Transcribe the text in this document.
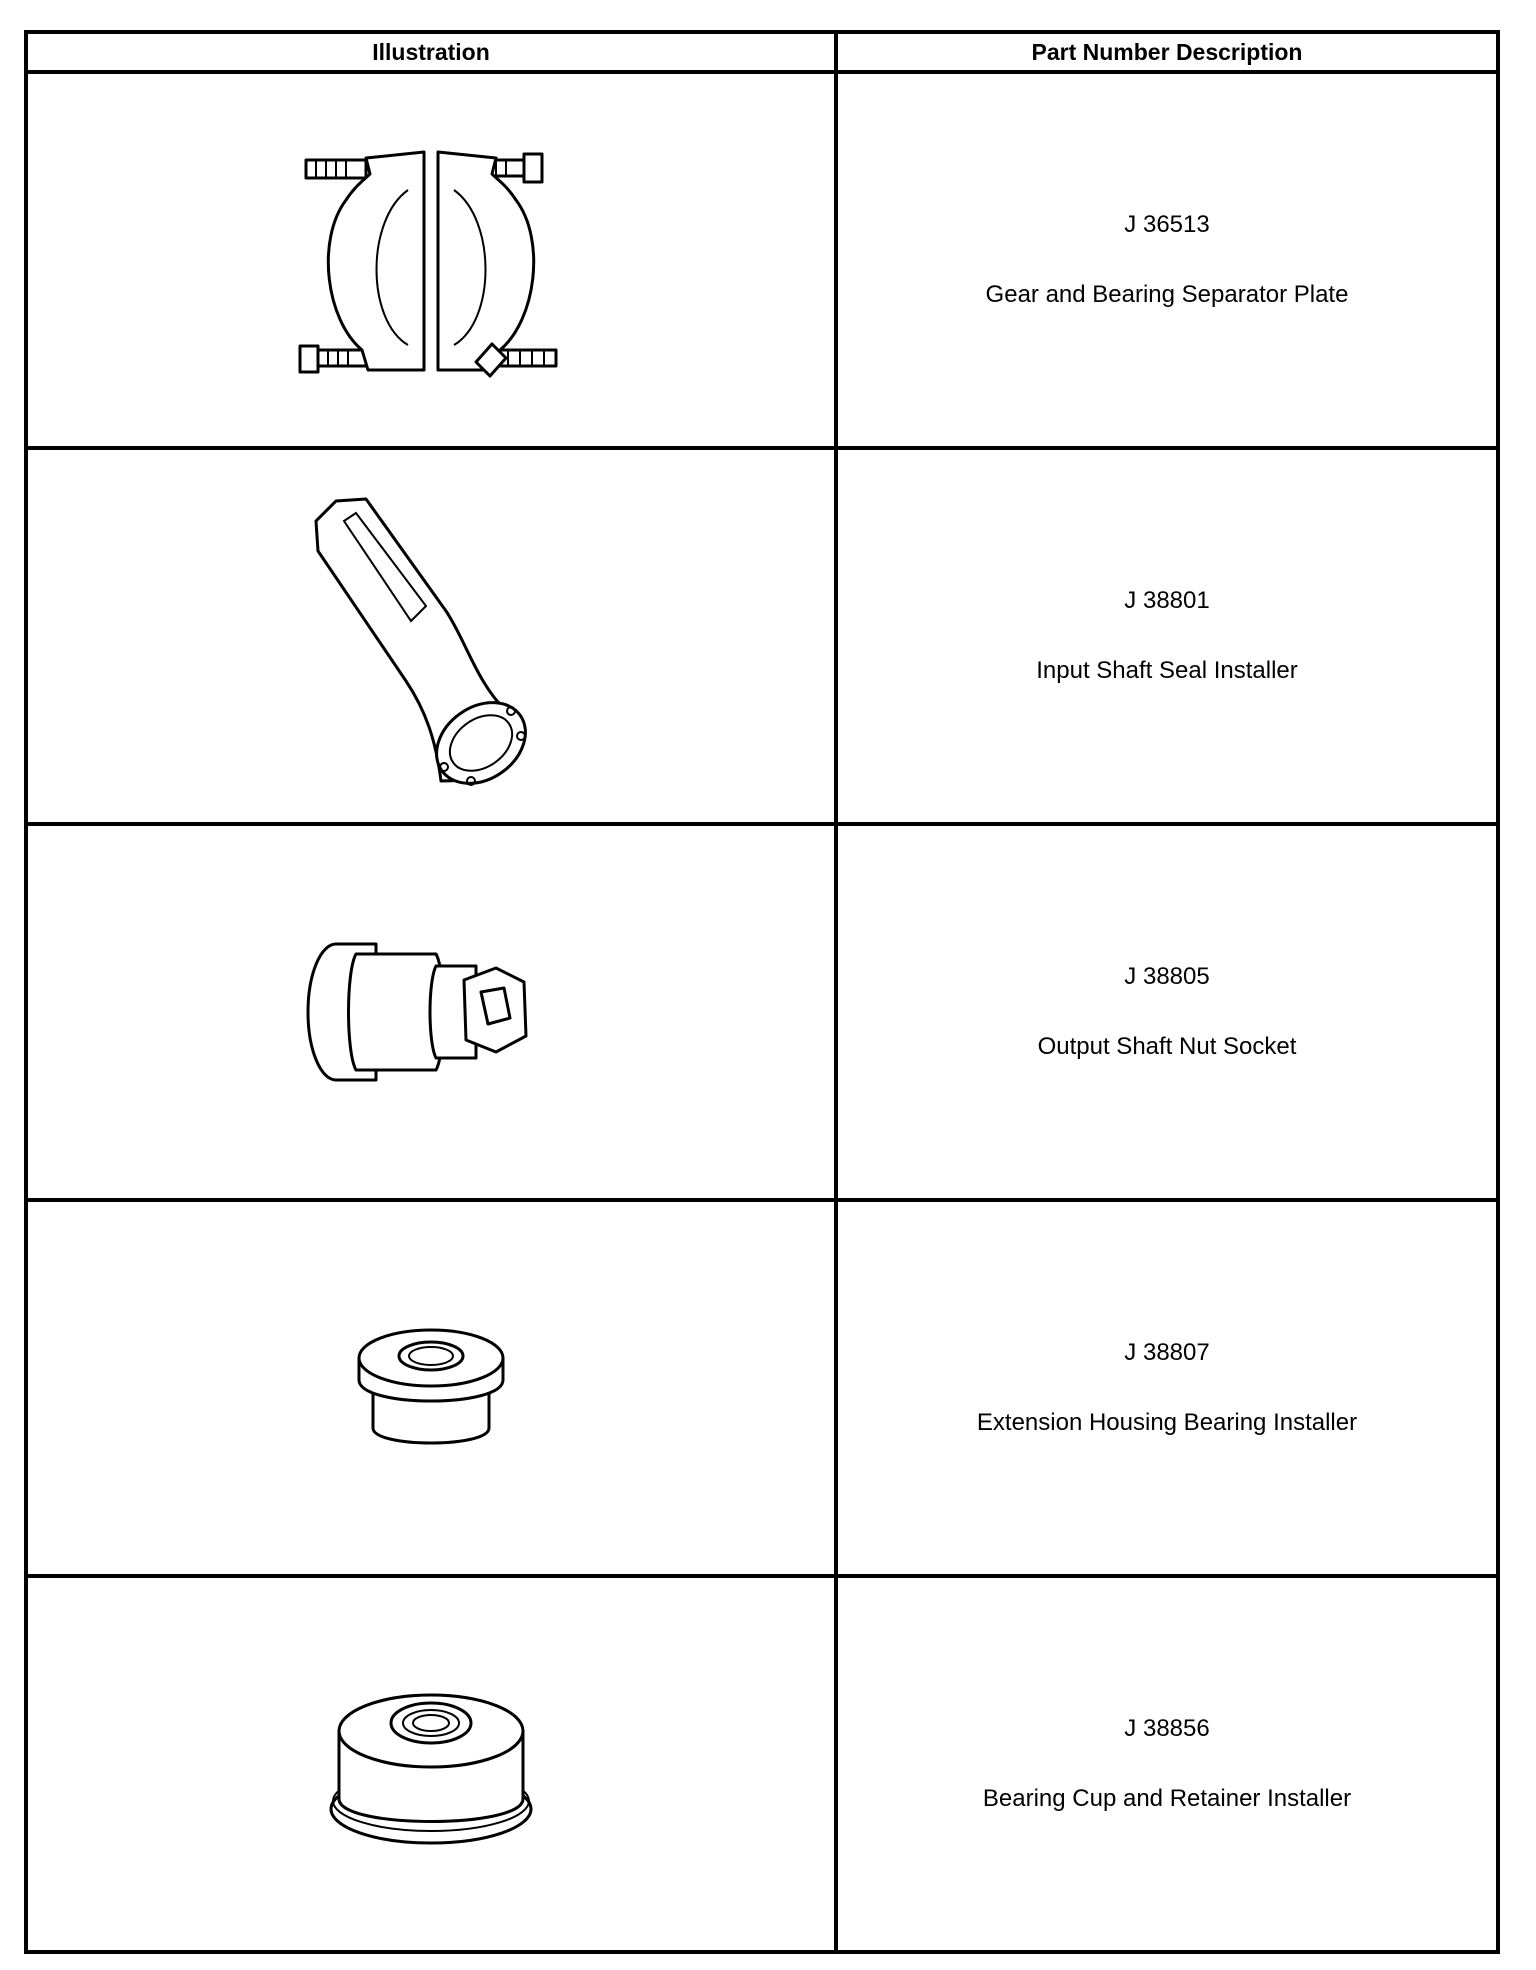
Illustration	Part Number Description

J 36513
Gear and Bearing Separator Plate

J 38801
Input Shaft Seal Installer

J 38805
Output Shaft Nut Socket

J 38807
Extension Housing Bearing Installer

J 38856
Bearing Cup and Retainer Installer
